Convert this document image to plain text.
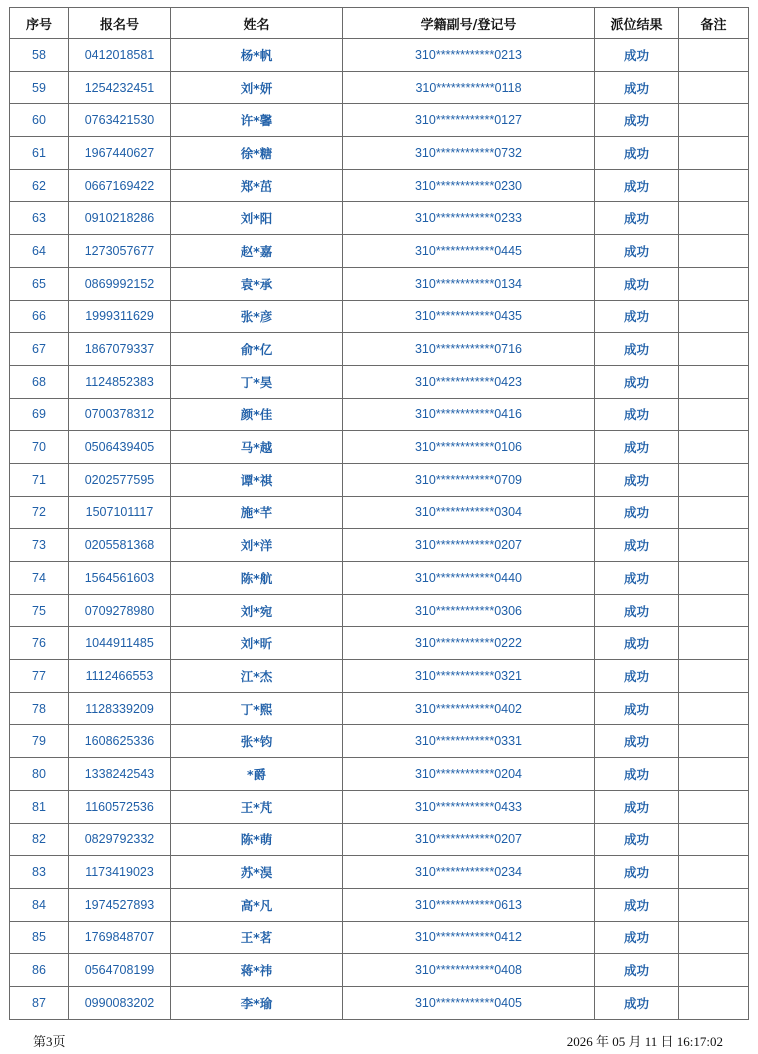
序号	报名号	姓名	学籍副号/登记号	派位结果	备注
58	0412018581	杨*帆	310************0213	成功	
59	1254232451	刘*妍	310************0118	成功	
60	0763421530	许*馨	310************0127	成功	
61	1967440627	徐*糖	310************0732	成功	
62	0667169422	郑*茁	310************0230	成功	
63	0910218286	刘*阳	310************0233	成功	
64	1273057677	赵*嘉	310************0445	成功	
65	0869992152	袁*承	310************0134	成功	
66	1999311629	张*彦	310************0435	成功	
67	1867079337	俞*亿	310************0716	成功	
68	1124852383	丁*昊	310************0423	成功	
69	0700378312	颜*佳	310************0416	成功	
70	0506439405	马*越	310************0106	成功	
71	0202577595	谭*祺	310************0709	成功	
72	1507101117	施*芊	310************0304	成功	
73	0205581368	刘*洋	310************0207	成功	
74	1564561603	陈*航	310************0440	成功	
75	0709278980	刘*宛	310************0306	成功	
76	1044911485	刘*昕	310************0222	成功	
77	1112466553	江*杰	310************0321	成功	
78	1128339209	丁*熙	310************0402	成功	
79	1608625336	张*钧	310************0331	成功	
80	1338242543	*爵	310************0204	成功	
81	1160572536	王*芃	310************0433	成功	
82	0829792332	陈*萌	310************0207	成功	
83	1173419023	苏*淏	310************0234	成功	
84	1974527893	高*凡	310************0613	成功	
85	1769848707	王*茗	310************0412	成功	
86	0564708199	蒋*祎	310************0408	成功	
87	0990083202	李*瑜	310************0405	成功	
第3页	2026 年 05 月 11 日 16:17:02
